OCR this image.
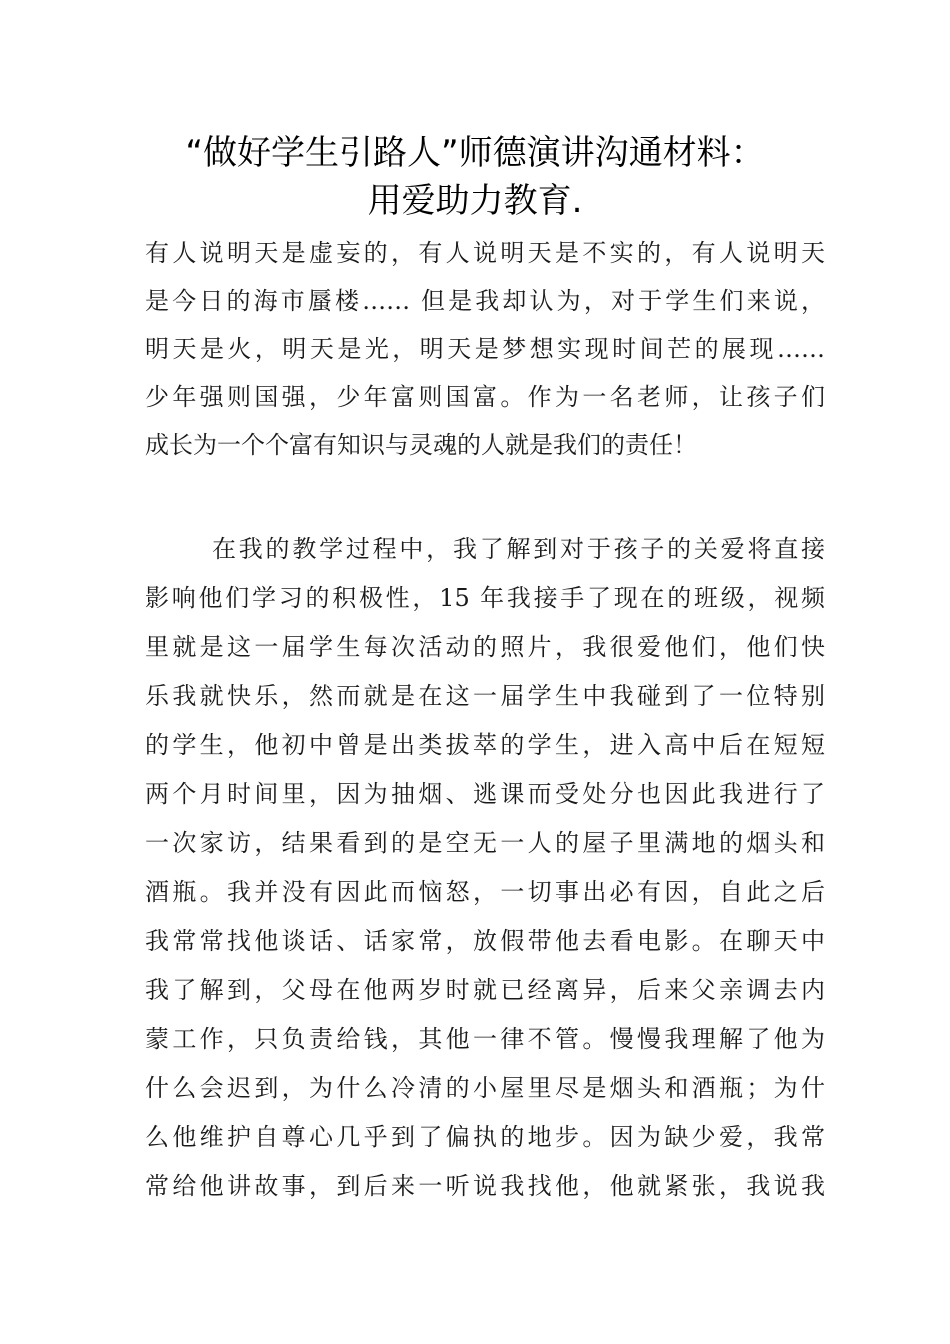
“做好学生引路人”师德演讲沟通材料：
用爱助力教育.
有人说明天是虚妄的，有人说明天是不实的，有人说明天
是今日的海市蜃楼…… 但是我却认为，对于学生们来说，
明天是火，明天是光，明天是梦想实现时间芒的展现……
少年强则国强，少年富则国富。作为一名老师，让孩子们
成长为一个个富有知识与灵魂的人就是我们的责任！
在我的教学过程中，我了解到对于孩子的关爱将直接
影响他们学习的积极性，15 年我接手了现在的班级，视频
里就是这一届学生每次活动的照片，我很爱他们，他们快
乐我就快乐，然而就是在这一届学生中我碰到了一位特别
的学生，他初中曾是出类拔萃的学生，进入高中后在短短
两个月时间里，因为抽烟、逃课而受处分也因此我进行了
一次家访，结果看到的是空无一人的屋子里满地的烟头和
酒瓶。我并没有因此而恼怒，一切事出必有因，自此之后
我常常找他谈话、话家常，放假带他去看电影。在聊天中
我了解到，父母在他两岁时就已经离异，后来父亲调去内
蒙工作，只负责给钱，其他一律不管。慢慢我理解了他为
什么会迟到，为什么冷清的小屋里尽是烟头和酒瓶；为什
么他维护自尊心几乎到了偏执的地步。因为缺少爱，我常
常给他讲故事，到后来一听说我找他，他就紧张，我说我
